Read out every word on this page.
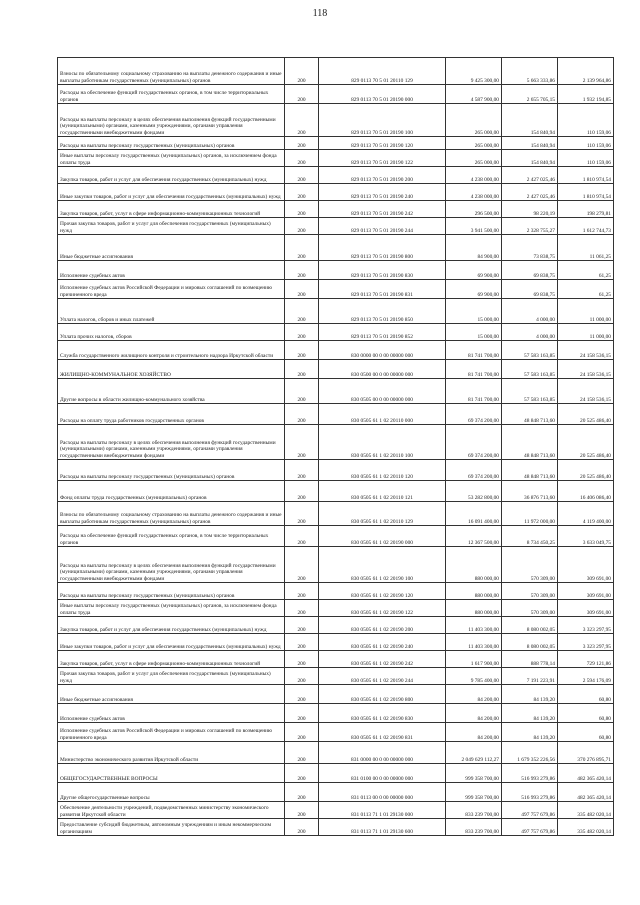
118
Взносы по обязательному социальному страхованию на выплаты денежного содержания и иные выплаты работникам государственных (муниципальных) органов	200	829 0113 70 5 01 20110 129	9 425 300,00	5 663 333,86	2 139 964,86
Расходы на обеспечение функций государственных органов, в том числе территориальных органов	200	829 0113 70 5 01 20190 000	4 587 900,00	2 655 705,15	1 932 194,85
Расходы на выплаты персоналу в целях обеспечения выполнения функций государственными (муниципальными) органами, казенными учреждениями, органами управления государственными внебюджетными фондами	200	829 0113 70 5 01 20190 100	265 000,00	154 840,94	110 159,06
Расходы на выплаты персоналу государственных (муниципальных) органов	200	829 0113 70 5 01 20190 120	265 000,00	154 840,94	110 159,06
Иные выплаты персоналу государственных (муниципальных) органов, за исключением фонда оплаты труда	200	829 0113 70 5 01 20190 122	265 000,00	154 840,94	110 159,06
Закупка товаров, работ и услуг для обеспечения государственных (муниципальных) нужд	200	829 0113 70 5 01 20190 200	4 238 000,00	2 427 025,46	1 810 974,54
Иные закупки товаров, работ и услуг для обеспечения государственных (муниципальных) нужд	200	829 0113 70 5 01 20190 240	4 238 000,00	2 427 025,46	1 810 974,54
Закупка товаров, работ, услуг в сфере информационно-коммуникационных технологий	200	829 0113 70 5 01 20190 242	296 500,00	98 220,19	198 279,81
Прочая закупка товаров, работ и услуг для обеспечения государственных (муниципальных) нужд	200	829 0113 70 5 01 20190 244	3 941 500,00	2 328 755,27	1 612 744,73
Иные бюджетные ассигнования	200	829 0113 70 5 01 20190 800	84 900,00	73 838,75	11 061,25
Исполнение судебных актов	200	829 0113 70 5 01 20190 830	69 900,00	69 838,75	61,25
Исполнение судебных актов Российской Федерации и мировых соглашений по возмещению причиненного вреда	200	829 0113 70 5 01 20190 831	69 900,00	69 838,75	61,25
Уплата налогов, сборов и иных платежей	200	829 0113 70 5 01 20190 850	15 000,00	4 000,00	11 000,00
Уплата прочих налогов, сборов	200	829 0113 70 5 01 20190 852	15 000,00	4 000,00	11 000,00
Служба государственного жилищного контроля и строительного надзора Иркутской области	200	830 0000 00 0 00 00000 000	81 741 700,00	57 583 163,85	24 158 536,15
ЖИЛИЩНО-КОММУНАЛЬНОЕ ХОЗЯЙСТВО	200	830 0500 00 0 00 00000 000	81 741 700,00	57 583 163,85	24 158 536,15
Другие вопросы в области жилищно-коммунального хозяйства	200	830 0505 00 0 00 00000 000	81 741 700,00	57 583 163,85	24 158 536,15
Расходы на оплату труда работников государственных органов	200	830 0505 61 1 02 20110 000	69 374 200,00	48 848 713,60	20 525 486,40
Расходы на выплаты персоналу в целях обеспечения выполнения функций государственными (муниципальными) органами, казенными учреждениями, органами управления государственными внебюджетными фондами	200	830 0505 61 1 02 20110 100	69 374 200,00	48 848 713,60	20 525 486,40
Расходы на выплаты персоналу государственных (муниципальных) органов	200	830 0505 61 1 02 20110 120	69 374 200,00	48 848 713,60	20 525 486,40
Фонд оплаты труда государственных (муниципальных) органов	200	830 0505 61 1 02 20110 121	53 282 800,00	36 876 713,60	16 406 086,40
Взносы по обязательному социальному страхованию на выплаты денежного содержания и иные выплаты работникам государственных (муниципальных) органов	200	830 0505 61 1 02 20110 129	16 091 400,00	11 972 000,00	4 119 400,00
Расходы на обеспечение функций государственных органов, в том числе территориальных органов	200	830 0505 61 1 02 20190 000	12 367 500,00	8 734 450,25	3 633 049,75
Расходы на выплаты персоналу в целях обеспечения выполнения функций государственными (муниципальными) органами, казенными учреждениями, органами управления государственными внебюджетными фондами	200	830 0505 61 1 02 20190 100	880 000,00	570 309,00	309 691,00
Расходы на выплаты персоналу государственных (муниципальных) органов	200	830 0505 61 1 02 20190 120	880 000,00	570 309,00	309 691,00
Иные выплаты персоналу государственных (муниципальных) органов, за исключением фонда оплаты труда	200	830 0505 61 1 02 20190 122	880 000,00	570 309,00	309 691,00
Закупка товаров, работ и услуг для обеспечения государственных (муниципальных) нужд	200	830 0505 61 1 02 20190 200	11 403 300,00	8 080 002,05	3 323 297,95
Иные закупки товаров, работ и услуг для обеспечения государственных (муниципальных) нужд	200	830 0505 61 1 02 20190 240	11 403 300,00	8 080 002,05	3 323 297,95
Закупка товаров, работ, услуг в сфере информационно-коммуникационных технологий	200	830 0505 61 1 02 20190 242	1 617 900,00	888 778,14	729 121,86
Прочая закупка товаров, работ и услуг для обеспечения государственных (муниципальных) нужд	200	830 0505 61 1 02 20190 244	9 785 400,00	7 191 223,91	2 594 176,09
Иные бюджетные ассигнования	200	830 0505 61 1 02 20190 800	84 200,00	84 139,20	60,80
Исполнение судебных актов	200	830 0505 61 1 02 20190 830	84 200,00	84 139,20	60,80
Исполнение судебных актов Российской Федерации и мировых соглашений по возмещению причиненного вреда	200	830 0505 61 1 02 20190 831	84 200,00	84 139,20	60,80
Министерство экономического развития Иркутской области	200	831 0000 00 0 00 00000 000	2 049 629 112,27	1 679 352 226,56	370 276 895,71
ОБЩЕГОСУДАРСТВЕННЫЕ ВОПРОСЫ	200	831 0100 00 0 00 00000 000	999 358 700,00	516 993 279,86	482 365 420,14
Другие общегосударственные вопросы	200	831 0113 00 0 00 00000 000	999 358 700,00	516 993 279,86	482 365 420,14
Обеспечение деятельности учреждений, подведомственных министерству экономического развития Иркутской области	200	831 0113 71 1 01 29130 000	833 239 700,00	497 757 679,86	335 482 020,14
Предоставление субсидий бюджетным, автономным учреждениям и иным некоммерческим организациям	200	831 0113 71 1 01 29130 600	833 239 700,00	497 757 679,86	335 482 020,14
